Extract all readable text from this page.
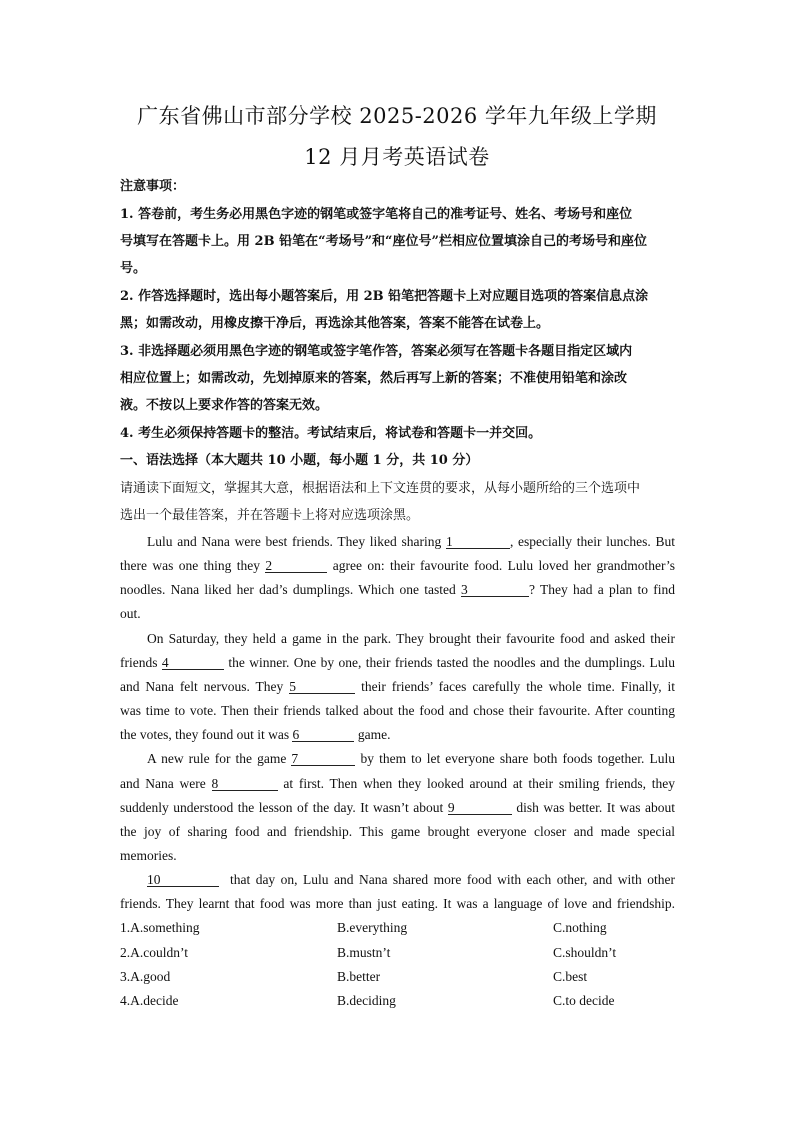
广东省佛山市部分学校 2025-2026 学年九年级上学期
12 月月考英语试卷
注意事项：
1. 答卷前，考生务必用黑色字迹的钢笔或签字笔将自己的准考证号、姓名、考场号和座位
号填写在答题卡上。用 2B 铅笔在“考场号”和“座位号”栏相应位置填涂自己的考场号和座位
号。
2. 作答选择题时，选出每小题答案后，用 2B 铅笔把答题卡上对应题目选项的答案信息点涂
黑；如需改动，用橡皮擦干净后，再选涂其他答案，答案不能答在试卷上。
3. 非选择题必须用黑色字迹的钢笔或签字笔作答，答案必须写在答题卡各题目指定区域内
相应位置上；如需改动，先划掉原来的答案，然后再写上新的答案；不准使用铅笔和涂改
液。不按以上要求作答的答案无效。
4. 考生必须保持答题卡的整洁。考试结束后，将试卷和答题卡一并交回。
一、语法选择（本大题共 10 小题，每小题 1 分，共 10 分）
请通读下面短文，掌握其大意，根据语法和上下文连贯的要求，从每小题所给的三个选项中
选出一个最佳答案，并在答题卡上将对应选项涂黑。
Lulu and Nana were best friends. They liked sharing 1	, especially their lunches. But
there was one thing they 2	agree on: their favourite food. Lulu loved her grandmother’s
noodles. Nana liked her dad’s dumplings. Which one tasted 3	? They had a plan to find
out.
On Saturday, they held a game in the park. They brought their favourite food and asked their
friends 4	the winner. One by one, their friends tasted the noodles and the dumplings. Lulu
and Nana felt nervous. They 5	their friends’ faces carefully the whole time. Finally, it
was time to vote. Then their friends talked about the food and chose their favourite. After counting
the votes, they found out it was 6	game.
A new rule for the game 7	by them to let everyone share both foods together. Lulu
and Nana were 8	at first. Then when they looked around at their smiling friends, they
suddenly understood the lesson of the day. It wasn’t about 9	dish was better. It was about
the joy of sharing food and friendship. This game brought everyone closer and made special
memories.
10	that day on, Lulu and Nana shared more food with each other, and with other
friends. They learnt that food was more than just eating. It was a language of love and friendship.
1.A.something	B.everything	C.nothing
2.A.couldn’t	B.mustn’t	C.shouldn’t
3.A.good	B.better	C.best
4.A.decide	B.deciding	C.to decide
